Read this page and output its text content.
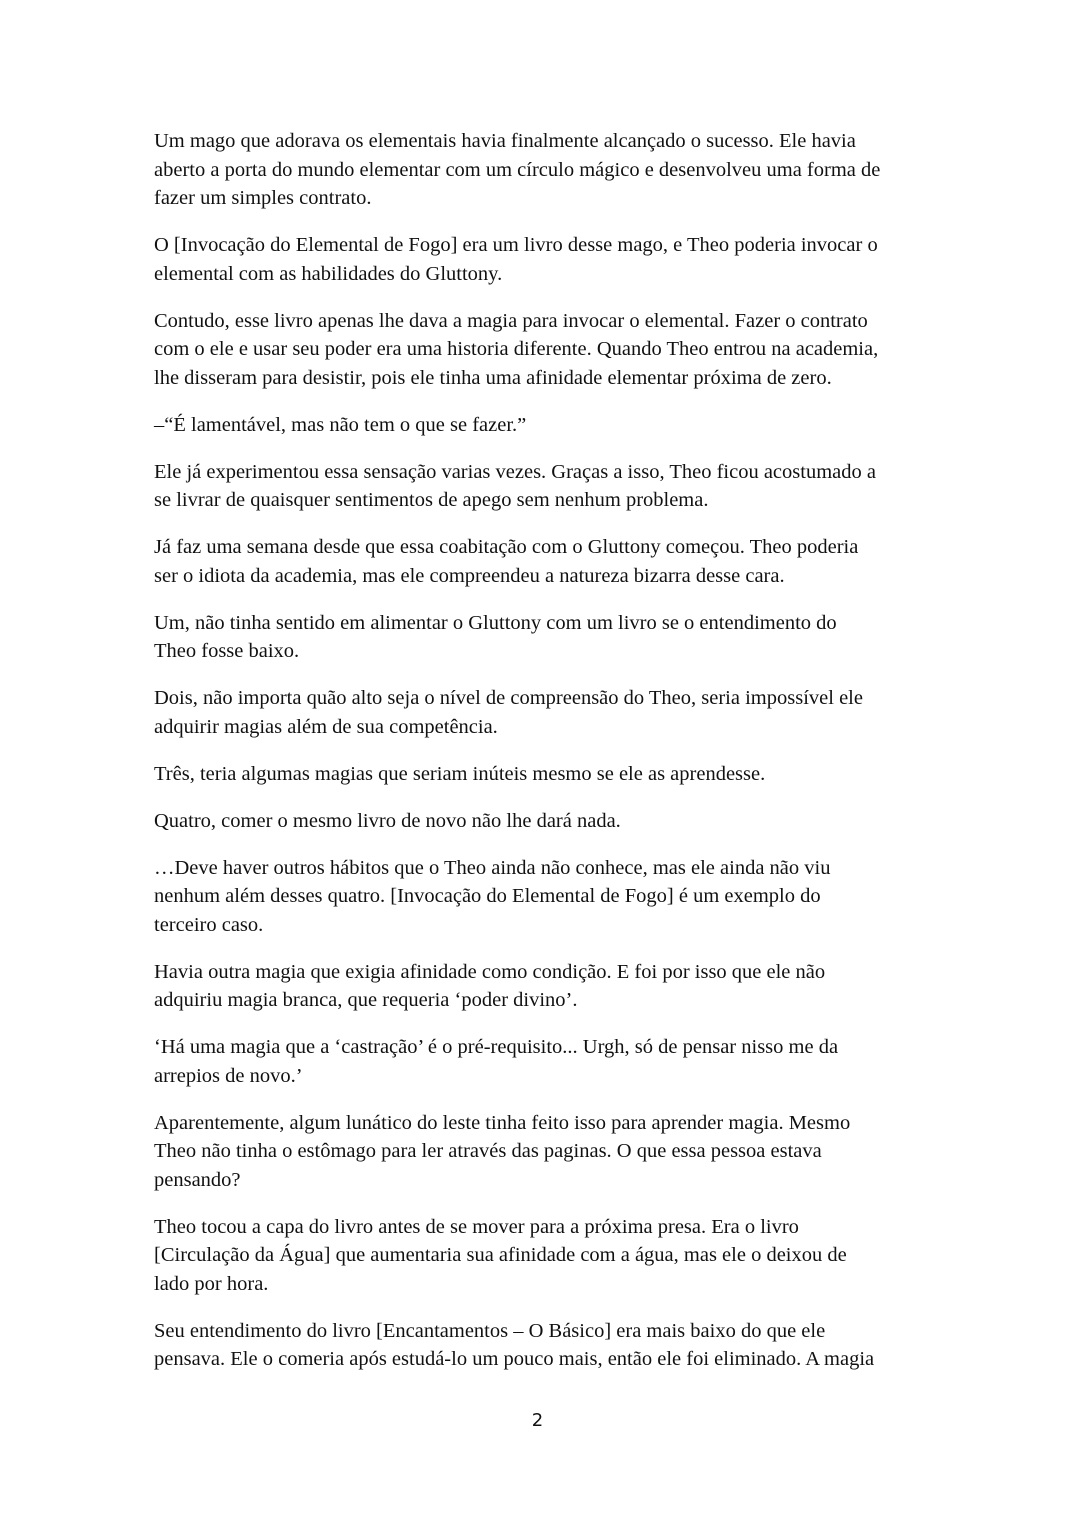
Um mago que adorava os elementais havia finalmente alcançado o sucesso. Ele havia
aberto a porta do mundo elementar com um círculo mágico e desenvolveu uma forma de
fazer um simples contrato.

O [Invocação do Elemental de Fogo] era um livro desse mago, e Theo poderia invocar o
elemental com as habilidades do Gluttony.

Contudo, esse livro apenas lhe dava a magia para invocar o elemental. Fazer o contrato
com o ele e usar seu poder era uma historia diferente. Quando Theo entrou na academia,
lhe disseram para desistir, pois ele tinha uma afinidade elementar próxima de zero.

–“É lamentável, mas não tem o que se fazer.”

Ele já experimentou essa sensação varias vezes. Graças a isso, Theo ficou acostumado a
se livrar de quaisquer sentimentos de apego sem nenhum problema.

Já faz uma semana desde que essa coabitação com o Gluttony começou. Theo poderia
ser o idiota da academia, mas ele compreendeu a natureza bizarra desse cara.

Um, não tinha sentido em alimentar o Gluttony com um livro se o entendimento do
Theo fosse baixo.

Dois, não importa quão alto seja o nível de compreensão do Theo, seria impossível ele
adquirir magias além de sua competência.

Três, teria algumas magias que seriam inúteis mesmo se ele as aprendesse.

Quatro, comer o mesmo livro de novo não lhe dará nada.

…Deve haver outros hábitos que o Theo ainda não conhece, mas ele ainda não viu
nenhum além desses quatro. [Invocação do Elemental de Fogo] é um exemplo do
terceiro caso.

Havia outra magia que exigia afinidade como condição. E foi por isso que ele não
adquiriu magia branca, que requeria ‘poder divino’.

‘Há uma magia que a ‘castração’ é o pré-requisito... Urgh, só de pensar nisso me da
arrepios de novo.’

Aparentemente, algum lunático do leste tinha feito isso para aprender magia. Mesmo
Theo não tinha o estômago para ler através das paginas. O que essa pessoa estava
pensando?

Theo tocou a capa do livro antes de se mover para a próxima presa. Era o livro
[Circulação da Água] que aumentaria sua afinidade com a água, mas ele o deixou de
lado por hora.

Seu entendimento do livro [Encantamentos – O Básico] era mais baixo do que ele
pensava. Ele o comeria após estudá-lo um pouco mais, então ele foi eliminado. A magia

2
